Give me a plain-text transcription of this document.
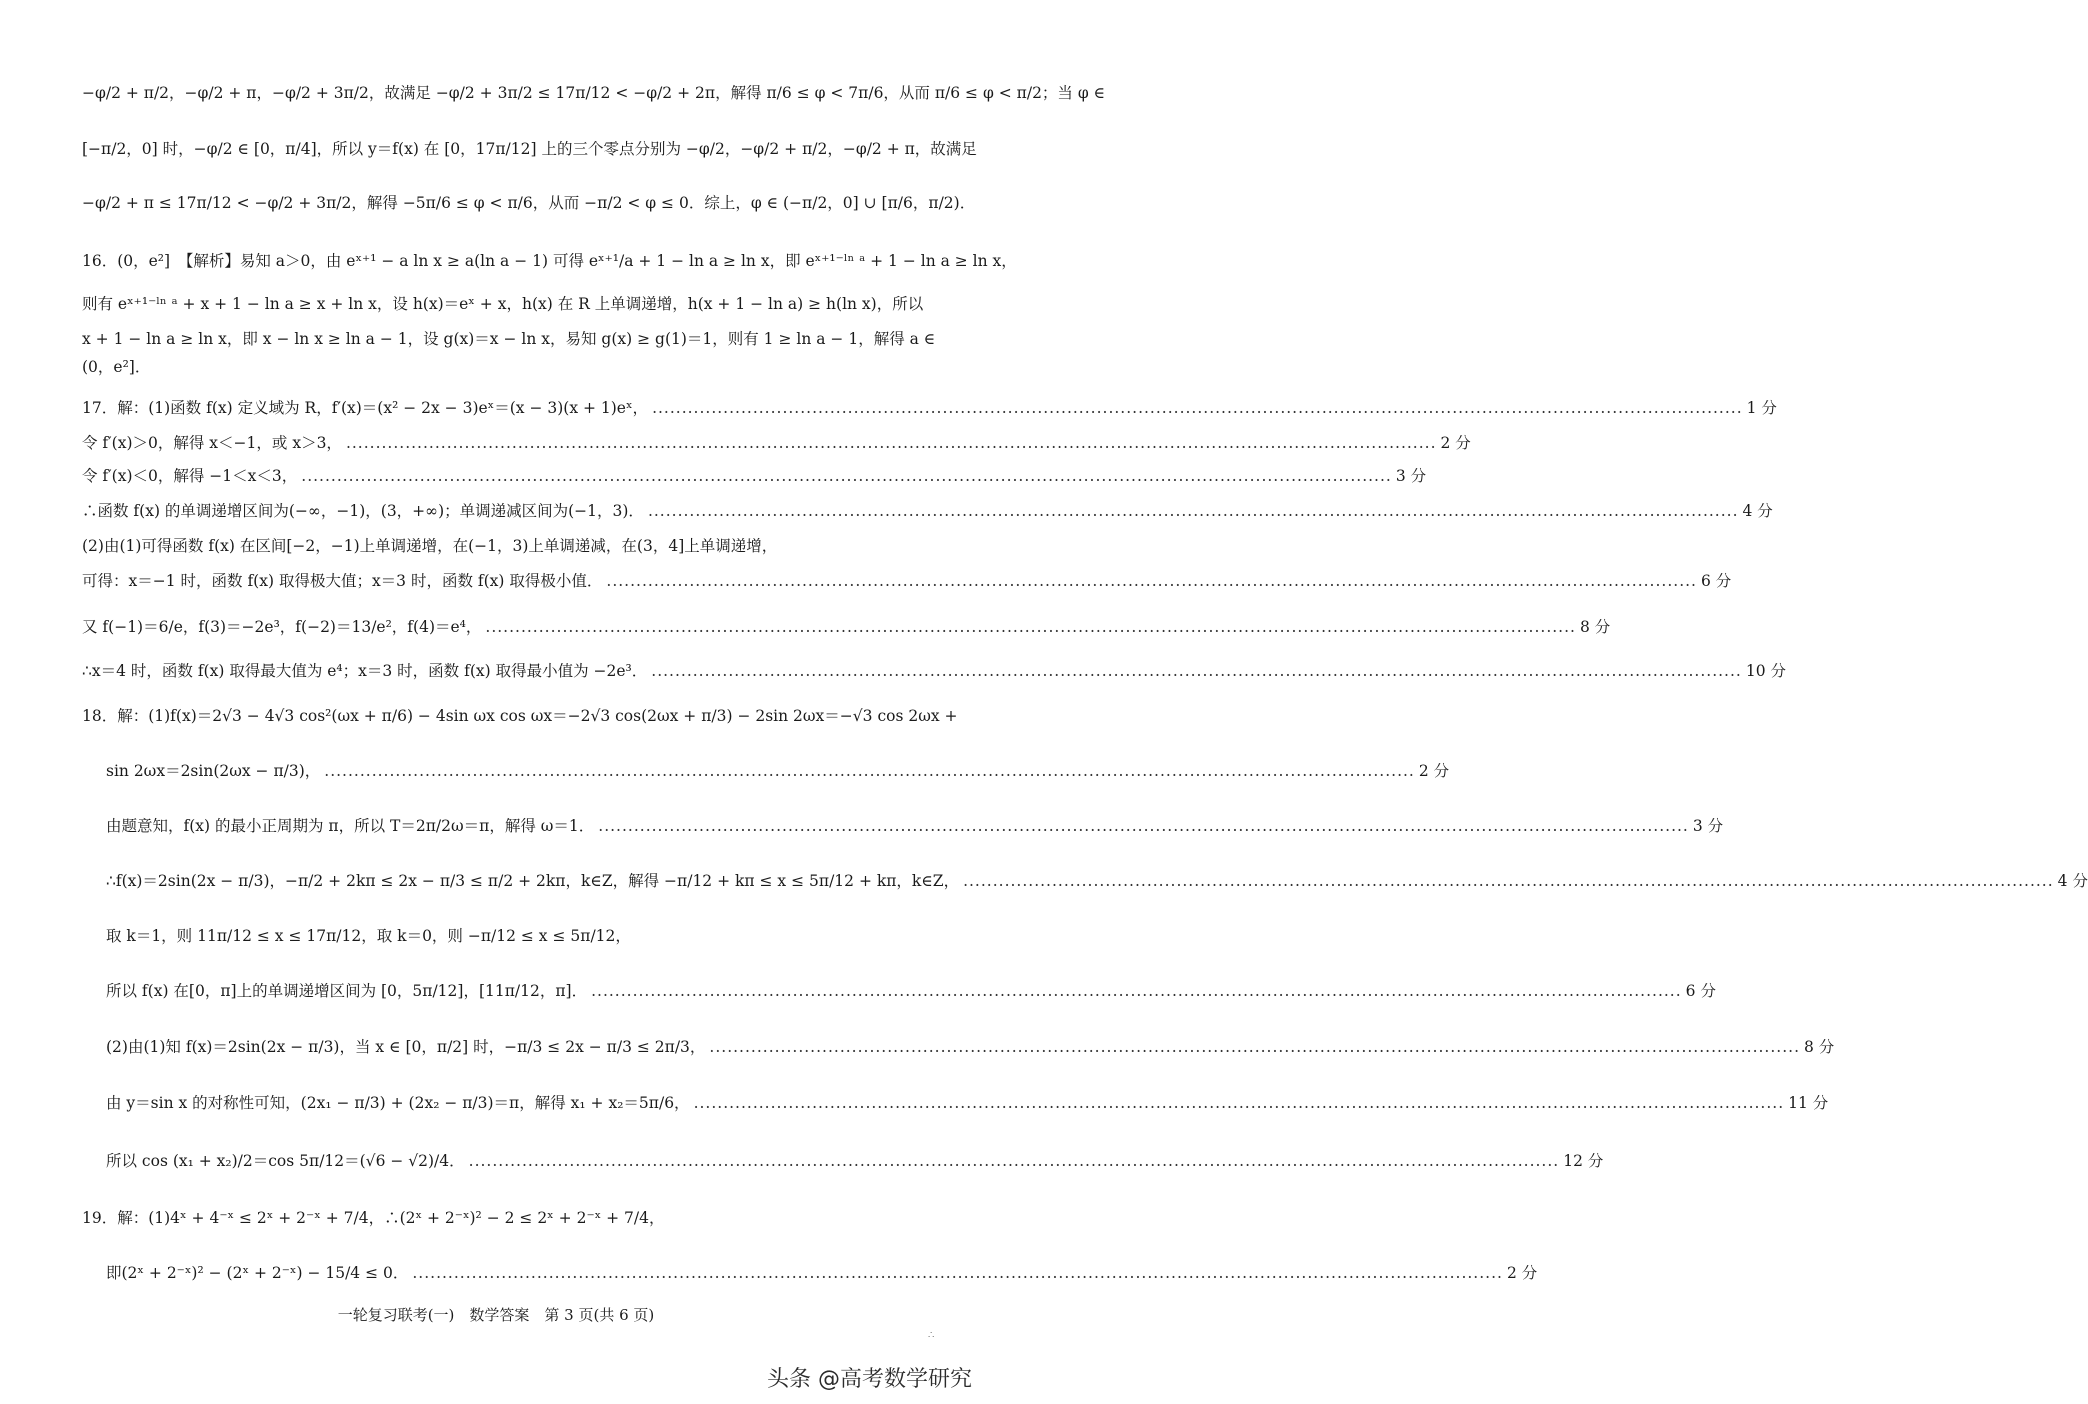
−φ/2 + π/2，−φ/2 + π，−φ/2 + 3π/2，故满足 −φ/2 + 3π/2 ≤ 17π/12 < −φ/2 + 2π，解得 π/6 ≤ φ < 7π/6，从而 π/6 ≤ φ < π/2；当 φ ∈
[−π/2，0] 时，−φ/2 ∈ [0，π/4]，所以 y＝f(x) 在 [0，17π/12] 上的三个零点分别为 −φ/2，−φ/2 + π/2，−φ/2 + π，故满足
−φ/2 + π ≤ 17π/12 < −φ/2 + 3π/2，解得 −5π/6 ≤ φ < π/6，从而 −π/2 < φ ≤ 0．综上，φ ∈ (−π/2，0] ∪ [π/6，π/2)．
16．(0，e²]　【解析】易知 a＞0，由 eˣ⁺¹ − a ln x ≥ a(ln a − 1) 可得 eˣ⁺¹/a + 1 − ln a ≥ ln x，即 eˣ⁺¹⁻ˡⁿ ᵃ + 1 − ln a ≥ ln x，
则有 eˣ⁺¹⁻ˡⁿ ᵃ + x + 1 − ln a ≥ x + ln x，设 h(x)＝eˣ + x，h(x) 在 R 上单调递增，h(x + 1 − ln a) ≥ h(ln x)，所以
x + 1 − ln a ≥ ln x，即 x − ln x ≥ ln a − 1，设 g(x)＝x − ln x，易知 g(x) ≥ g(1)＝1，则有 1 ≥ ln a − 1，解得 a ∈
(0，e²]．
17．解：(1)函数 f(x) 定义域为 R，f′(x)＝(x² − 2x − 3)eˣ＝(x − 3)(x + 1)eˣ， .....	1 分
令 f′(x)＞0，解得 x＜−1，或 x＞3， .....	2 分
令 f′(x)＜0，解得 −1＜x＜3， .....	3 分
∴函数 f(x) 的单调递增区间为(−∞，−1)，(3，+∞)；单调递减区间为(−1，3)． .....	4 分
(2)由(1)可得函数 f(x) 在区间[−2，−1)上单调递增，在(−1，3)上单调递减，在(3，4]上单调递增，
可得：x＝−1 时，函数 f(x) 取得极大值；x＝3 时，函数 f(x) 取得极小值． .....	6 分
又 f(−1)＝6/e，f(3)＝−2e³，f(−2)＝13/e²，f(4)＝e⁴， .....	8 分
∴x＝4 时，函数 f(x) 取得最大值为 e⁴；x＝3 时，函数 f(x) 取得最小值为 −2e³． .....	10 分
18．解：(1)f(x)＝2√3 − 4√3 cos²(ωx + π/6) − 4sin ωx cos ωx＝−2√3 cos(2ωx + π/3) − 2sin 2ωx＝−√3 cos 2ωx +
sin 2ωx＝2sin(2ωx − π/3)， .....	2 分
由题意知，f(x) 的最小正周期为 π，所以 T＝2π/2ω＝π，解得 ω＝1． .....	3 分
∴f(x)＝2sin(2x − π/3)，−π/2 + 2kπ ≤ 2x − π/3 ≤ π/2 + 2kπ，k∈Z，解得 −π/12 + kπ ≤ x ≤ 5π/12 + kπ，k∈Z， .....	4 分
取 k＝1，则 11π/12 ≤ x ≤ 17π/12，取 k＝0，则 −π/12 ≤ x ≤ 5π/12，
所以 f(x) 在[0，π]上的单调递增区间为 [0，5π/12]，[11π/12，π]． .....	6 分
(2)由(1)知 f(x)＝2sin(2x − π/3)，当 x ∈ [0，π/2] 时，−π/3 ≤ 2x − π/3 ≤ 2π/3， .....	8 分
由 y＝sin x 的对称性可知，(2x₁ − π/3) + (2x₂ − π/3)＝π，解得 x₁ + x₂＝5π/6， .....	11 分
所以 cos (x₁ + x₂)/2＝cos 5π/12＝(√6 − √2)/4． .....	12 分
19．解：(1)4ˣ + 4⁻ˣ ≤ 2ˣ + 2⁻ˣ + 7/4，∴(2ˣ + 2⁻ˣ)² − 2 ≤ 2ˣ + 2⁻ˣ + 7/4，
即(2ˣ + 2⁻ˣ)² − (2ˣ + 2⁻ˣ) − 15/4 ≤ 0． .....	2 分
一轮复习联考(一)　数学答案　第 3 页(共 6 页)
∴
头条 @高考数学研究
